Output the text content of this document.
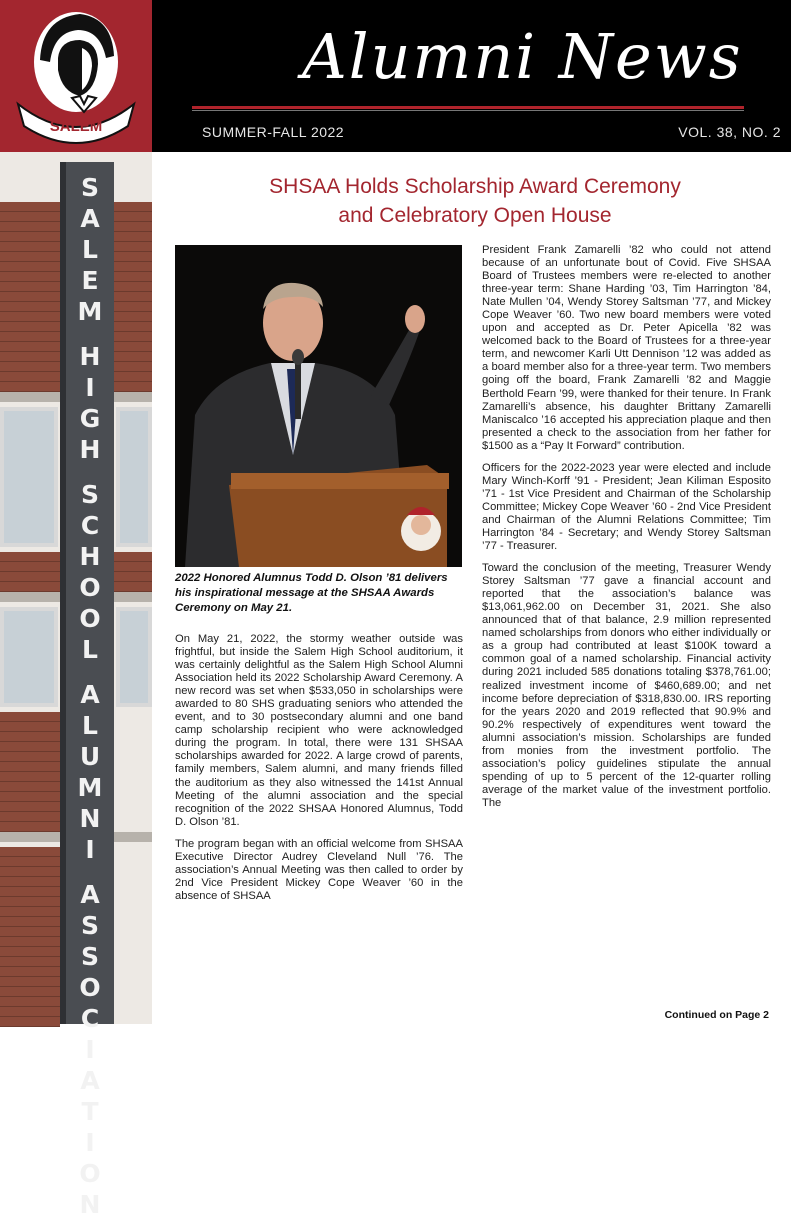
SALEM
Alumni News
SUMMER-FALL 2022	VOL. 38, NO. 2
S
A
L
E
M

H
I
G
H

S
C
H
O
O
L

A
L
U
M
N
I

A
S
S
O
C
I
A
T
I
O
N
SHSAA Holds Scholarship Award Ceremony
and Celebratory Open House
2022 Honored Alumnus Todd D. Olson ’81 delivers his inspirational message at the SHSAA Awards Ceremony on May 21.

On May 21, 2022, the stormy weather outside was frightful, but inside the Salem High School auditorium, it was certainly delightful as the Salem High School Alumni Association held its 2022 Scholarship Award Ceremony. A new record was set when $533,050 in scholarships were awarded to 80 SHS graduating seniors who attended the event, and to 30 postsecondary alumni and one band camp scholarship recipient who were acknowledged during the program. In total, there were 131 SHSAA scholarships awarded for 2022. A large crowd of parents, family members, Salem alumni, and many friends filled the auditorium as they also witnessed the 141st Annual Meeting of the alumni association and the special recognition of the 2022 SHSAA Honored Alumnus, Todd D. Olson ’81.

The program began with an official welcome from SHSAA Executive Director Audrey Cleveland Null ’76. The association’s Annual Meeting was then called to order by 2nd Vice President Mickey Cope Weaver ’60 in the absence of SHSAA

President Frank Zamarelli ’82 who could not attend because of an unfortunate bout of Covid. Five SHSAA Board of Trustees members were re-elected to another three-year term: Shane Harding ’03, Tim Harrington ’84, Nate Mullen ’04, Wendy Storey Saltsman ’77, and Mickey Cope Weaver ’60. Two new board members were voted upon and accepted as Dr. Peter Apicella ’82 was welcomed back to the Board of Trustees for a three-year term, and newcomer Karli Utt Dennison ’12 was added as a board member also for a three-year term. Two members going off the board, Frank Zamarelli ’82 and Maggie Berthold Fearn ’99, were thanked for their tenure. In Frank Zamarelli’s absence, his daughter Brittany Zamarelli Maniscalco ’16 accepted his appreciation plaque and then presented a check to the association from her father for $1500 as a “Pay It Forward” contribution.

Officers for the 2022-2023 year were elected and include Mary Winch-Korff ’91 - President; Jean Kiliman Esposito ’71 - 1st Vice President and Chairman of the Scholarship Committee; Mickey Cope Weaver ’60 - 2nd Vice President and Chairman of the Alumni Relations Committee; Tim Harrington ’84 - Secretary; and Wendy Storey Saltsman ’77 - Treasurer.

Toward the conclusion of the meeting, Treasurer Wendy Storey Saltsman ’77 gave a financial account and reported that the association’s balance was $13,061,962.00 on December 31, 2021. She also announced that of that balance, 2.9 million represented named scholarships from donors who either individually or as a group had contributed at least $100K toward a common goal of a named scholarship. Financial activity during 2021 included 585 donations totaling $378,761.00; realized investment income of $460,689.00; and net income before depreciation of $318,830.00. IRS reporting for the years 2020 and 2019 reflected that 90.9% and 90.2% respectively of expenditures went toward the alumni association’s mission. Scholarships are funded from monies from the investment portfolio. The association’s policy guidelines stipulate the annual spending of up to 5 percent of the 12-quarter rolling average of the market value of the investment portfolio. The

Continued on Page 2
